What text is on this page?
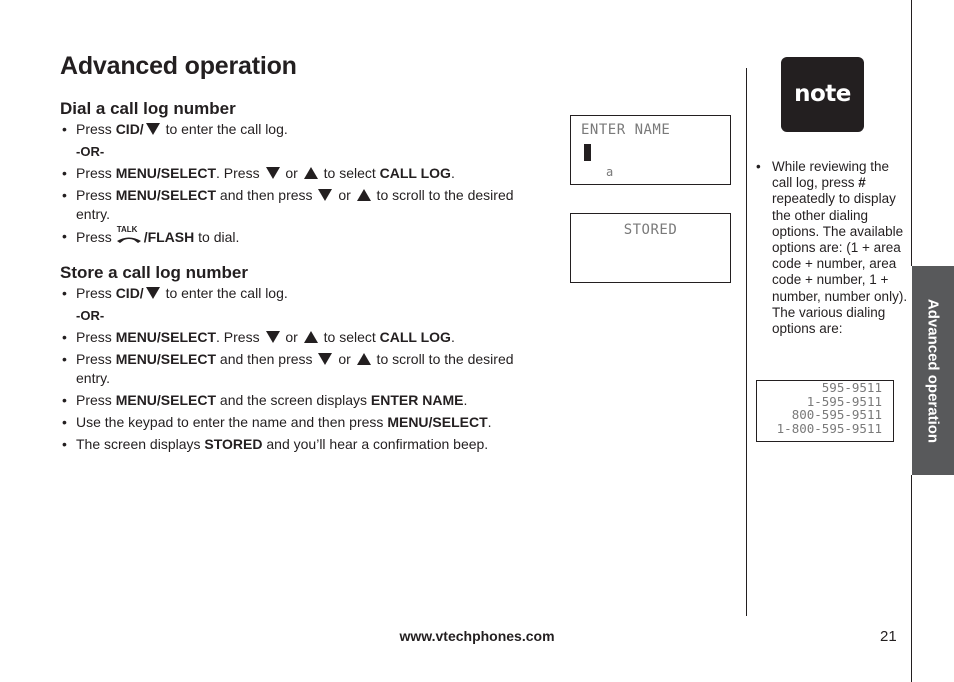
Advanced operation
Dial a call log number
• Press CID/ to enter the call log.
-OR-
• Press MENU/SELECT. Press  or  to select CALL LOG.
• Press MENU/SELECT and then press  or  to scroll to the desired entry.
• Press TALK /FLASH to dial.
Store a call log number
• Press CID/ to enter the call log.
-OR-
• Press MENU/SELECT. Press  or  to select CALL LOG.
• Press MENU/SELECT and then press  or  to scroll to the desired entry.
• Press MENU/SELECT and the screen displays ENTER NAME.
• Use the keypad to enter the name and then press MENU/SELECT.
• The screen displays STORED and you’ll hear a confirmation beep.
ENTER NAME
a
STORED
note

• While reviewing the call log, press # repeatedly to display the other dialing options. The available options are: (1 + area code + number, area code + number, 1 + number, number only). The various dialing options are:

595-9511
1-595-9511
800-595-9511
1-800-595-9511	Advanced operation
www.vtechphones.com	21
